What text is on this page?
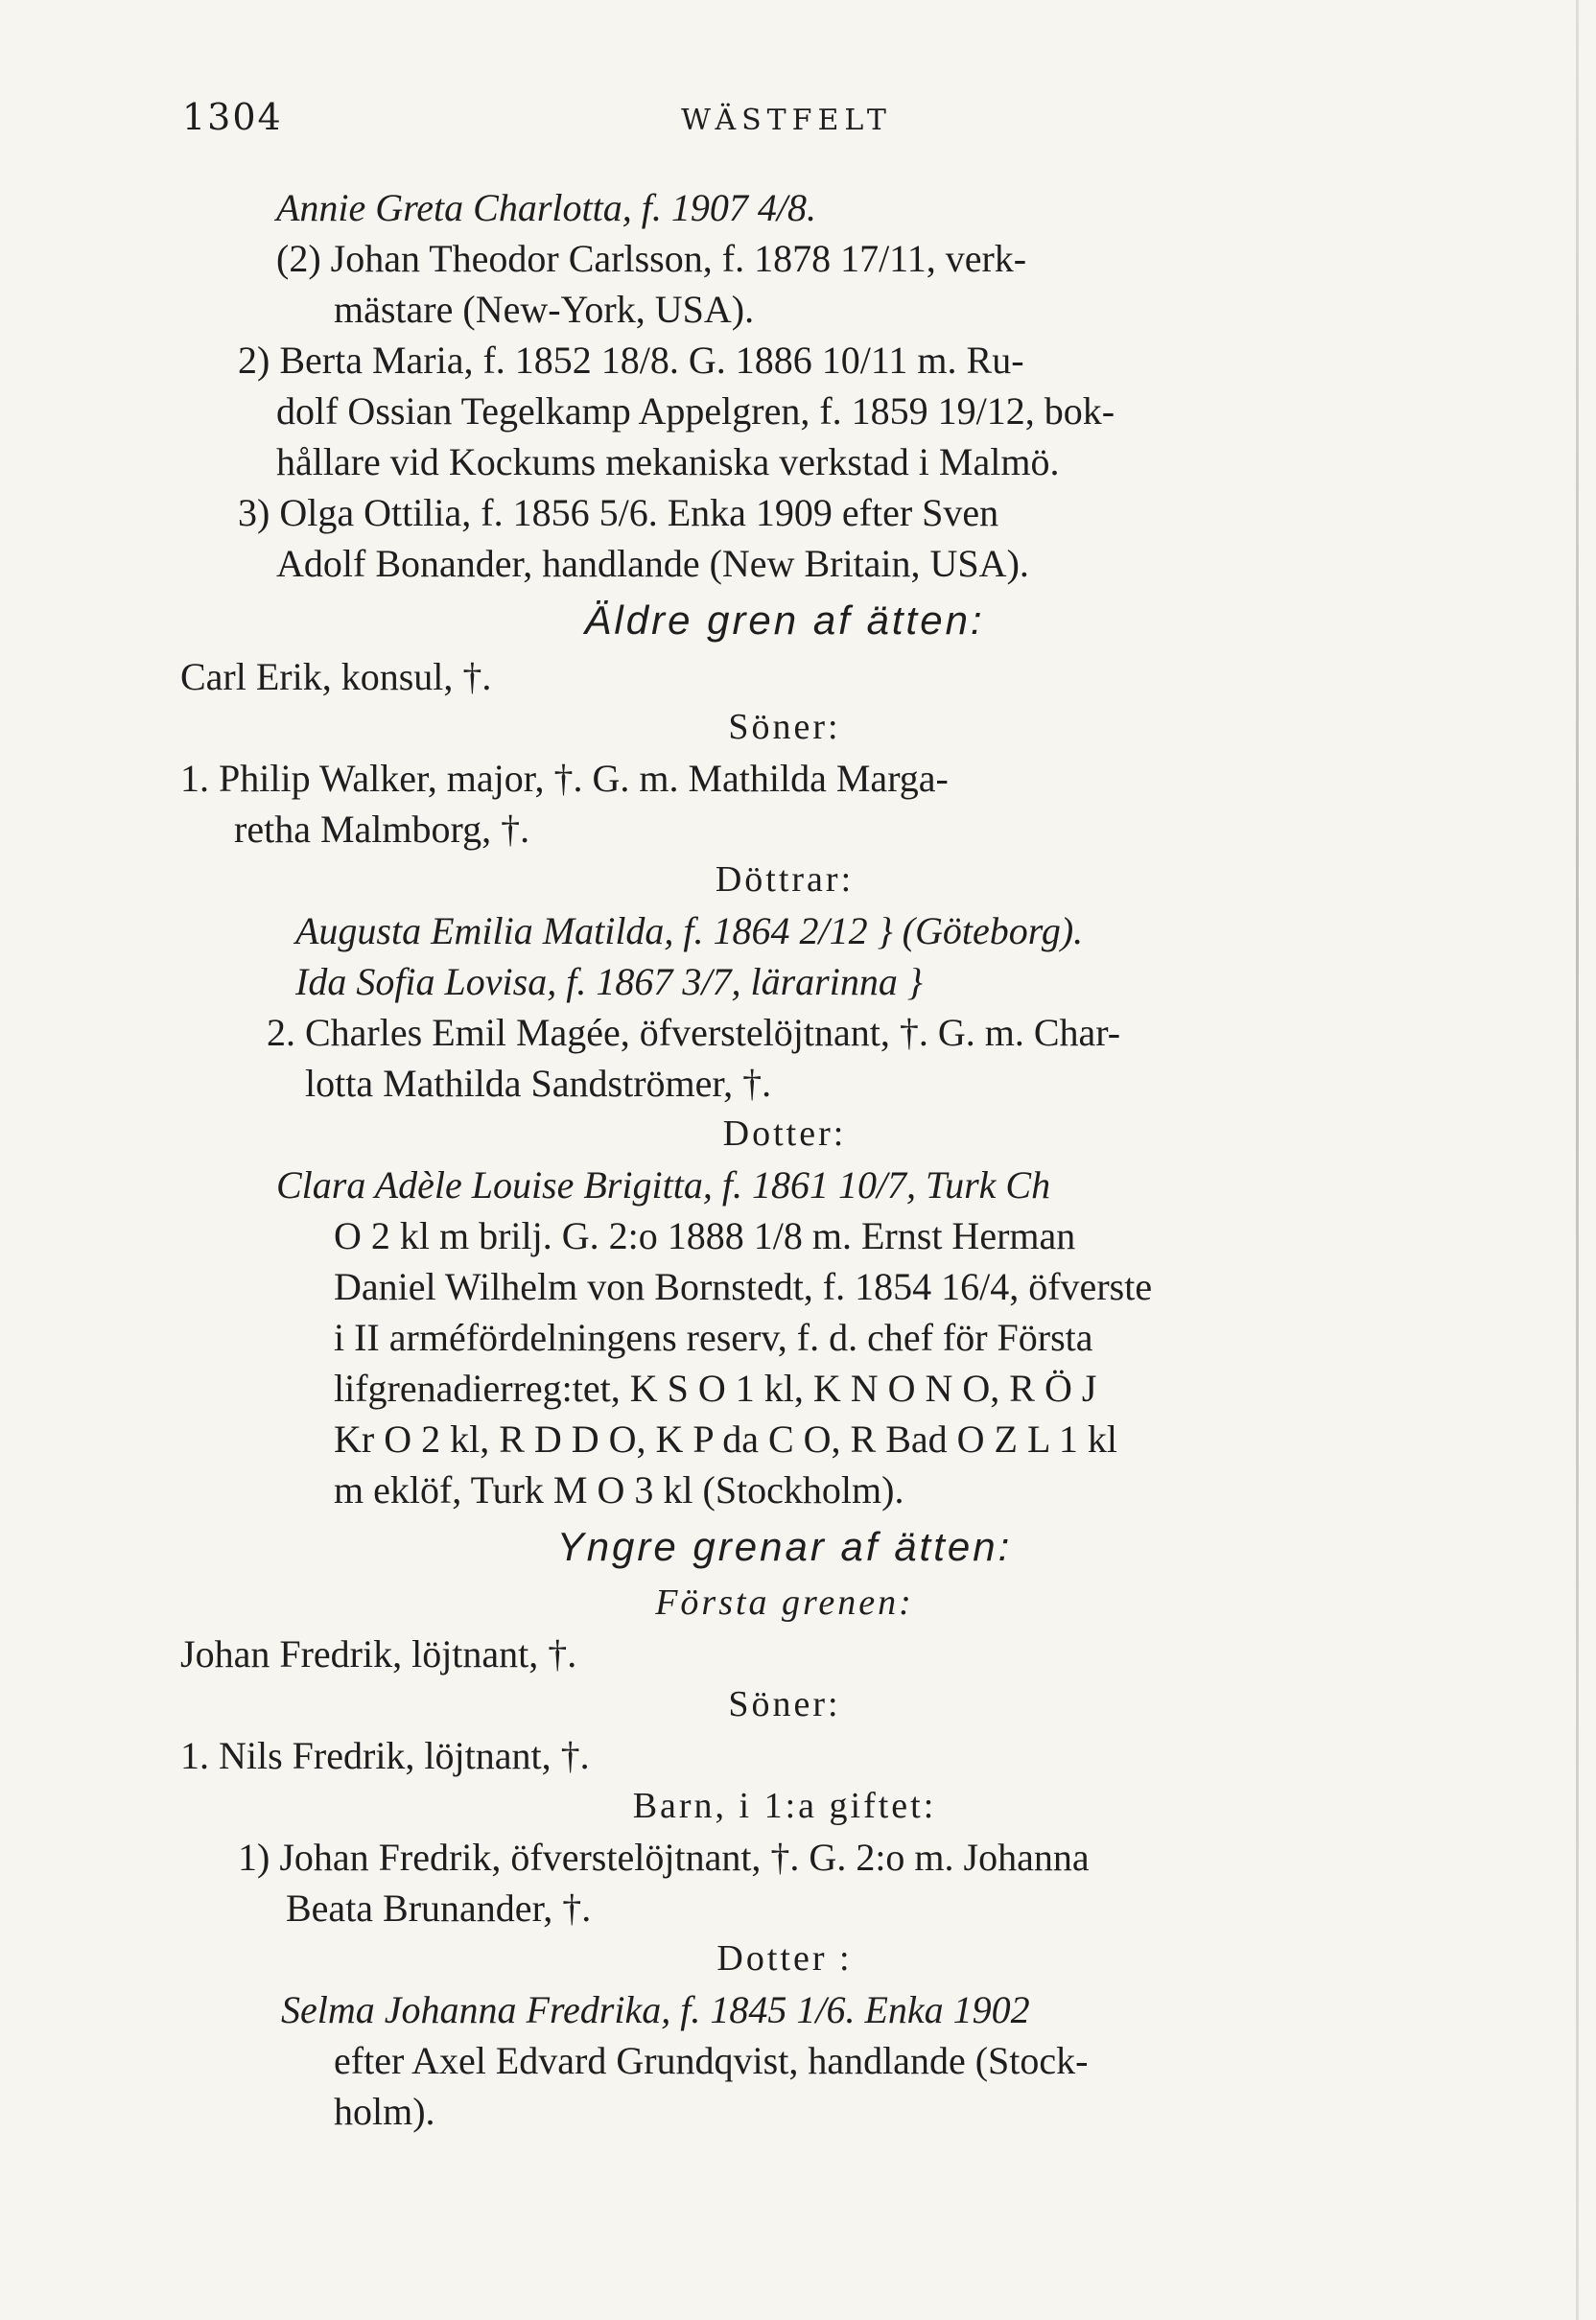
1304	WÄSTFELT
Annie Greta Charlotta, f. 1907 4/8.
(2) Johan Theodor Carlsson, f. 1878 17/11, verk-
mästare (New-York, USA).
2) Berta Maria, f. 1852 18/8. G. 1886 10/11 m. Ru-
dolf Ossian Tegelkamp Appelgren, f. 1859 19/12, bok-
hållare vid Kockums mekaniska verkstad i Malmö.
3) Olga Ottilia, f. 1856 5/6. Enka 1909 efter Sven
Adolf Bonander, handlande (New Britain, USA).
Äldre gren af ätten:
Carl Erik, konsul, †.
Söner:
1. Philip Walker, major, †. G. m. Mathilda Marga-
retha Malmborg, †.
Döttrar:
Augusta Emilia Matilda, f. 1864 2/12 } (Göteborg).
Ida Sofia Lovisa, f. 1867 3/7, lärarinna }
2. Charles Emil Magée, öfverstelöjtnant, †. G. m. Char-
lotta Mathilda Sandströmer, †.
Dotter:
Clara Adèle Louise Brigitta, f. 1861 10/7, Turk Ch
O 2 kl m brilj. G. 2:o 1888 1/8 m. Ernst Herman
Daniel Wilhelm von Bornstedt, f. 1854 16/4, öfverste
i II arméfördelningens reserv, f. d. chef för Första
lifgrenadierreg:tet, K S O 1 kl, K N O N O, R Ö J
Kr O 2 kl, R D D O, K P da C O, R Bad O Z L 1 kl
m eklöf, Turk M O 3 kl (Stockholm).
Yngre grenar af ätten:
Första grenen:
Johan Fredrik, löjtnant, †.
Söner:
1. Nils Fredrik, löjtnant, †.
Barn, i 1:a giftet:
1) Johan Fredrik, öfverstelöjtnant, †. G. 2:o m. Johanna
Beata Brunander, †.
Dotter :
Selma Johanna Fredrika, f. 1845 1/6. Enka 1902
efter Axel Edvard Grundqvist, handlande (Stock-
holm).
